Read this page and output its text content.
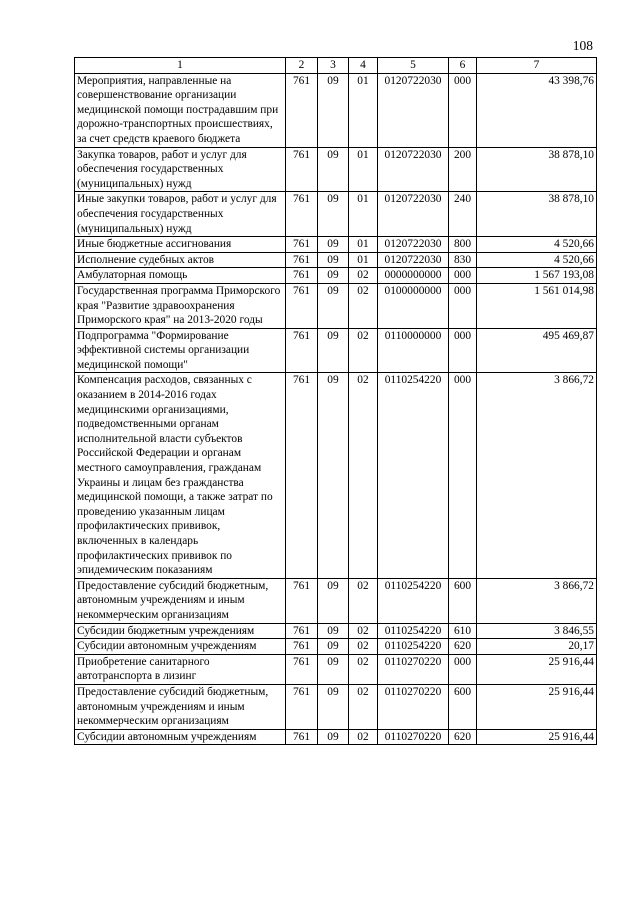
108
1	2	3	4	5	6	7
Мероприятия, направленные на совершенствование организации медицинской помощи пострадавшим при дорожно-транспортных происшествиях, за счет средств краевого бюджета	761	09	01	0120722030	000	43 398,76
Закупка товаров, работ и услуг для обеспечения государственных (муниципальных) нужд	761	09	01	0120722030	200	38 878,10
Иные закупки товаров, работ и услуг для обеспечения государственных (муниципальных) нужд	761	09	01	0120722030	240	38 878,10
Иные бюджетные ассигнования	761	09	01	0120722030	800	4 520,66
Исполнение судебных актов	761	09	01	0120722030	830	4 520,66
Амбулаторная помощь	761	09	02	0000000000	000	1 567 193,08
Государственная программа Приморского края "Развитие здравоохранения Приморского края" на 2013-2020 годы	761	09	02	0100000000	000	1 561 014,98
Подпрограмма "Формирование эффективной системы организации медицинской помощи"	761	09	02	0110000000	000	495 469,87
Компенсация расходов, связанных с оказанием в 2014-2016 годах медицинскими организациями, подведомственными органам исполнительной власти субъектов Российской Федерации и органам местного самоуправления, гражданам Украины и лицам без гражданства медицинской помощи, а также затрат по проведению указанным лицам профилактических прививок, включенных в календарь профилактических прививок по эпидемическим показаниям	761	09	02	0110254220	000	3 866,72
Предоставление субсидий бюджетным, автономным учреждениям и иным некоммерческим организациям	761	09	02	0110254220	600	3 866,72
Субсидии бюджетным учреждениям	761	09	02	0110254220	610	3 846,55
Субсидии автономным учреждениям	761	09	02	0110254220	620	20,17
Приобретение санитарного автотранспорта в лизинг	761	09	02	0110270220	000	25 916,44
Предоставление субсидий бюджетным, автономным учреждениям и иным некоммерческим организациям	761	09	02	0110270220	600	25 916,44
Субсидии автономным учреждениям	761	09	02	0110270220	620	25 916,44
